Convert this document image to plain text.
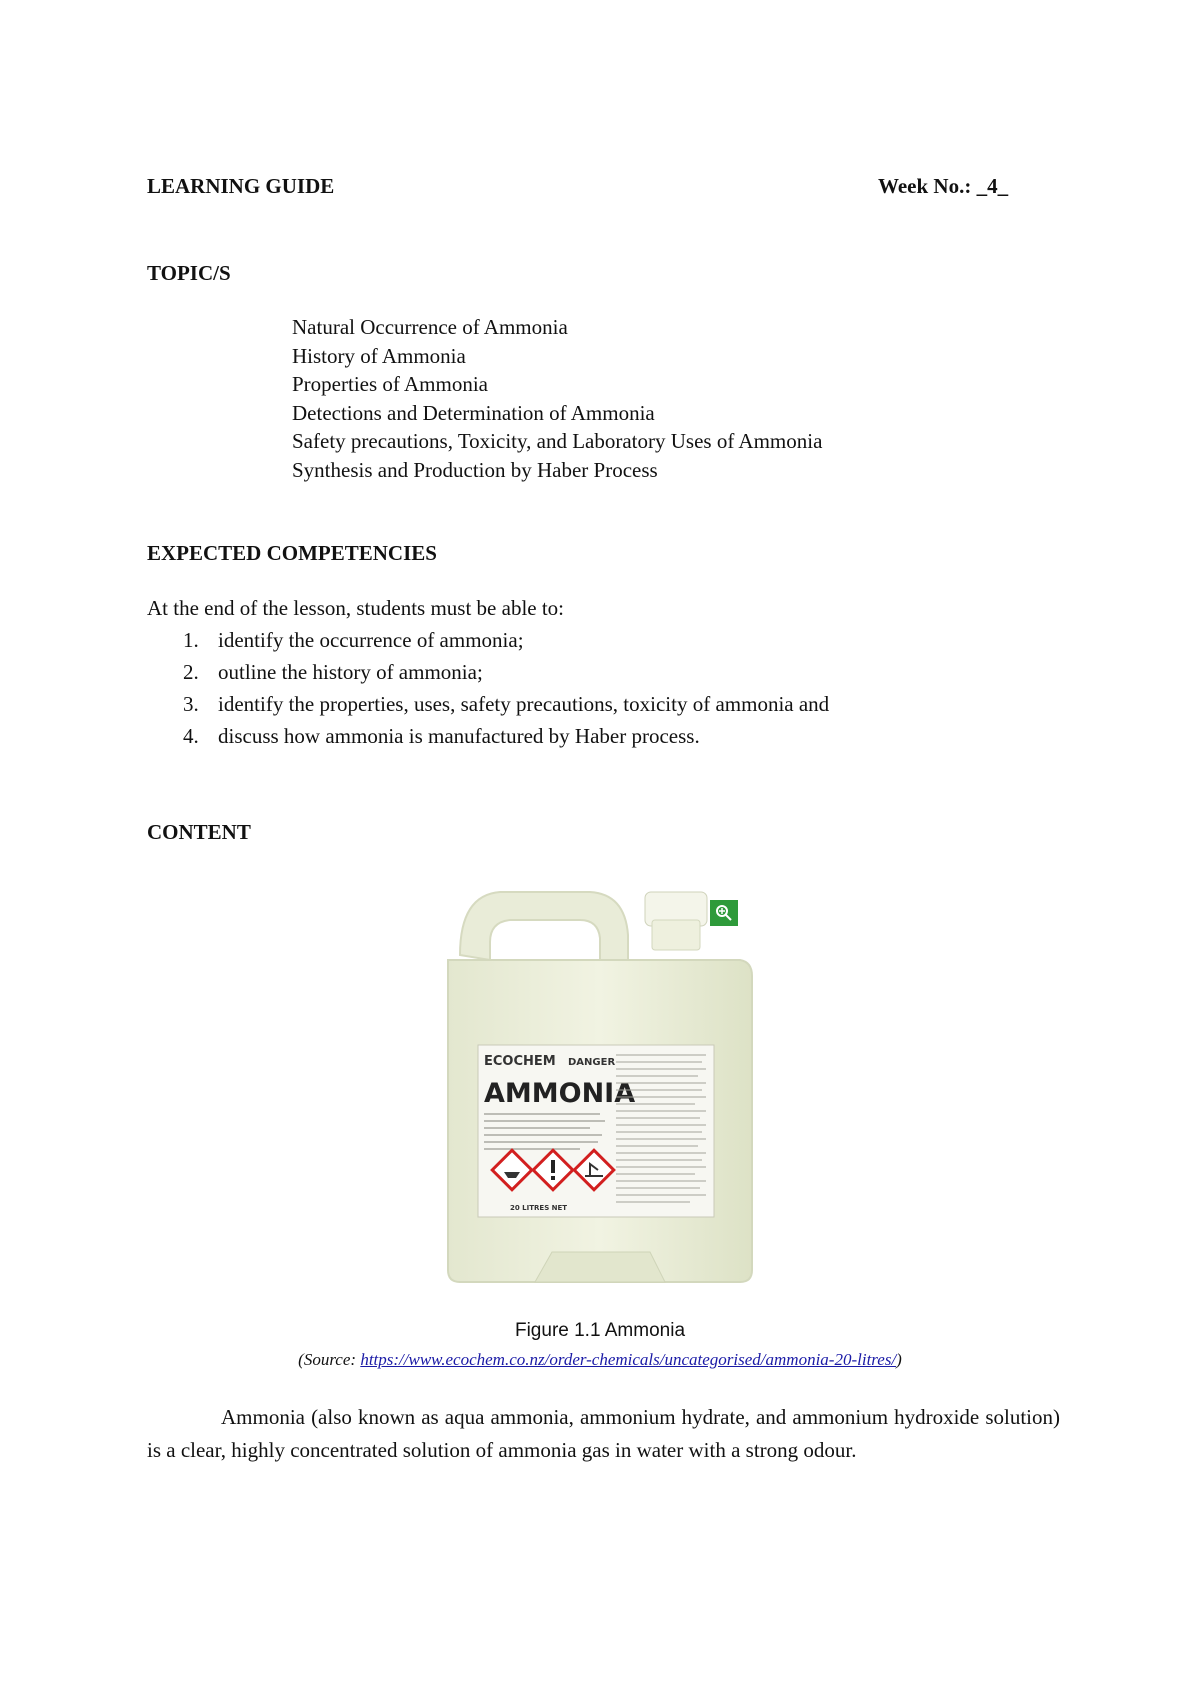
LEARNING GUIDE	Week No.: _4_
TOPIC/S
Natural Occurrence of Ammonia
History of Ammonia
Properties of Ammonia
Detections and Determination of Ammonia
Safety precautions, Toxicity, and Laboratory Uses of Ammonia
Synthesis and Production by Haber Process
EXPECTED COMPETENCIES
At the end of the lesson, students must be able to:
1. identify the occurrence of ammonia;
2. outline the history of ammonia;
3. identify the properties, uses, safety precautions, toxicity of ammonia and
4. discuss how ammonia is manufactured by Haber process.
CONTENT
ECOCHEM DANGER
AMMONIA
20 LITRES NET
Figure 1.1 Ammonia
(Source: https://www.ecochem.co.nz/order-chemicals/uncategorised/ammonia-20-litres/)
Ammonia (also known as aqua ammonia, ammonium hydrate, and ammonium hydroxide solution) is a clear, highly concentrated solution of ammonia gas in water with a strong odour.
